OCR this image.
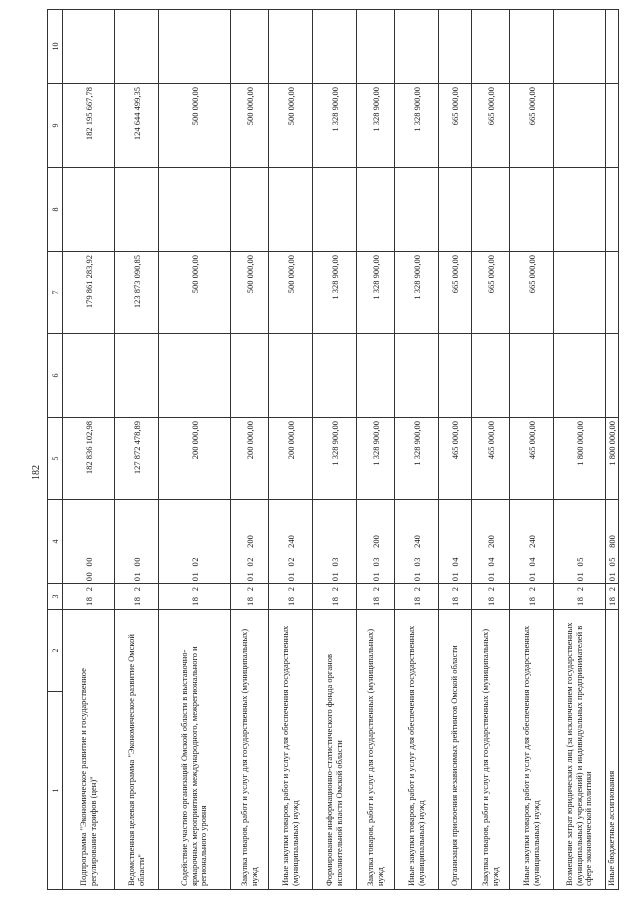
182
1	2	3	4	5	6	7	8	9	10
Подпрограмма "Экономическое развитие и государственное регулирование тарифов (цен)"		18  2  00  00		182 836 102,98		179 861 283,92		182 195 667,78	
Ведомственная целевая программа "Экономическое развитие Омской области"		18  2  01  00		127 872 478,89		123 873 090,85		124 644 499,35	
Содействие участию организаций Омской области в выставочно-ярмарочных мероприятиях международного, межрегионального и регионального уровня		18  2  01  02		200 000,00		500 000,00		500 000,00	
Закупка товаров, работ и услуг для государственных (муниципальных) нужд		18  2  01  02	200	200 000,00		500 000,00		500 000,00	
Иные закупки товаров, работ и услуг для обеспечения государственных (муниципальных) нужд		18  2  01  02	240	200 000,00		500 000,00		500 000,00	
Формирование информационно-статистического фонда органов исполнительной власти Омской области		18  2  01  03		1 328 900,00		1 328 900,00		1 328 900,00	
Закупка товаров, работ и услуг для государственных (муниципальных) нужд		18  2  01  03	200	1 328 900,00		1 328 900,00		1 328 900,00	
Иные закупки товаров, работ и услуг для обеспечения государственных (муниципальных) нужд		18  2  01  03	240	1 328 900,00		1 328 900,00		1 328 900,00	
Организация присвоения независимых рейтингов Омской области		18  2  01  04		465 000,00		665 000,00		665 000,00	
Закупка товаров, работ и услуг для государственных (муниципальных) нужд		18  2  01  04	200	465 000,00		665 000,00		665 000,00	
Иные закупки товаров, работ и услуг для обеспечения государственных (муниципальных) нужд		18  2  01  04	240	465 000,00		665 000,00		665 000,00	
Возмещение затрат юридических лиц (за исключением государственных (муниципальных) учреждений) и индивидуальных предпринимателей в сфере экономической политики		18  2  01  05		1 800 000,00					
Иные бюджетные ассигнования		18  2  01  05	800	1 800 000,00					
